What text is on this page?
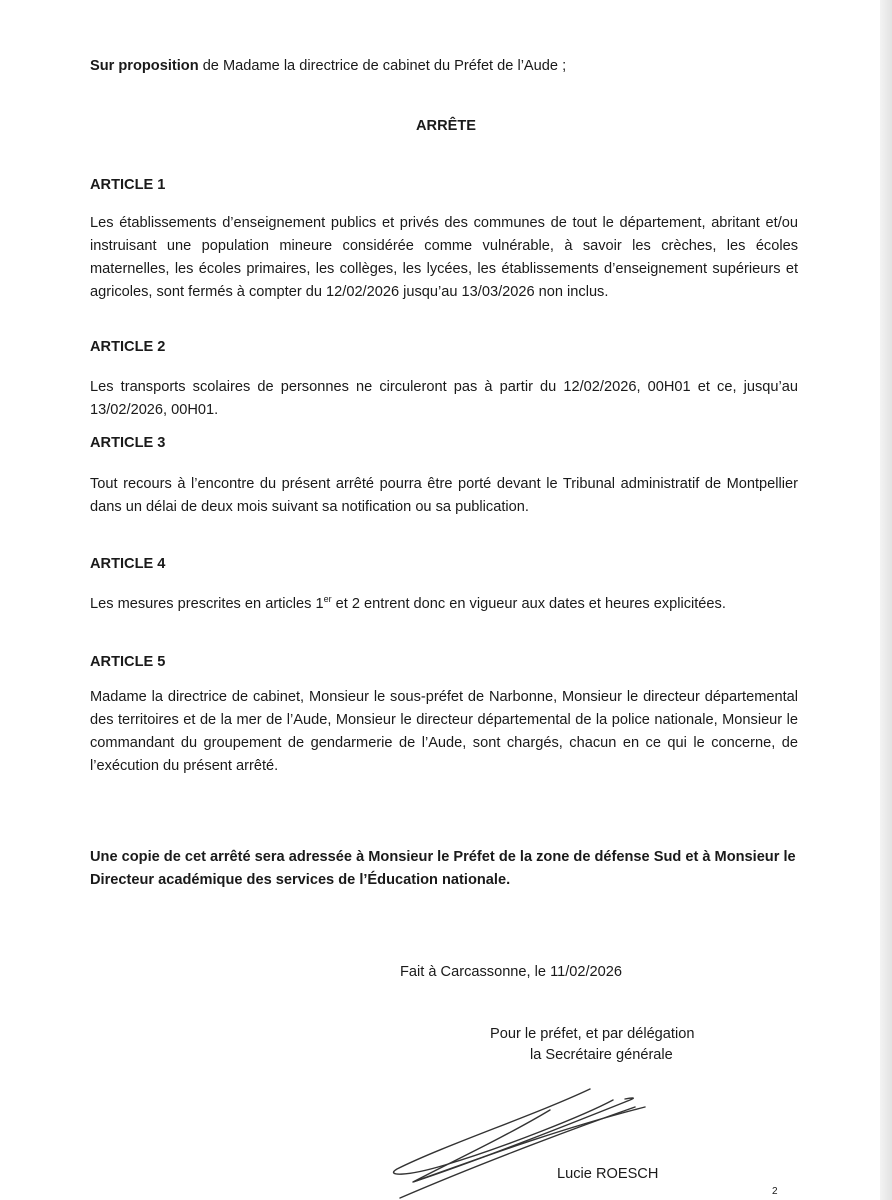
Sur proposition de Madame la directrice de cabinet du Préfet de l’Aude ;
ARRÊTE
ARTICLE 1
Les établissements d’enseignement publics et privés des communes de tout le département, abritant et/ou instruisant une population mineure considérée comme vulnérable, à savoir les crèches, les écoles maternelles, les écoles primaires, les collèges, les lycées, les établissements d’enseignement supérieurs et agricoles, sont fermés à compter du 12/02/2026 jusqu’au 13/03/2026 non inclus.
ARTICLE 2
Les transports scolaires de personnes ne circuleront pas à partir du 12/02/2026, 00H01 et ce, jusqu’au 13/02/2026, 00H01.
ARTICLE 3
Tout recours à l’encontre du présent arrêté pourra être porté devant le Tribunal administratif de Montpellier dans un délai de deux mois suivant sa notification ou sa publication.
ARTICLE 4
Les mesures prescrites en articles 1er et 2 entrent donc en vigueur aux dates et heures explicitées.
ARTICLE 5
Madame la directrice de cabinet, Monsieur le sous-préfet de Narbonne, Monsieur le directeur départemental des territoires et de la mer de l’Aude, Monsieur le directeur départemental de la police nationale, Monsieur le commandant du groupement de gendarmerie de l’Aude, sont chargés, chacun en ce qui le concerne, de l’exécution du présent arrêté.
Une copie de cet arrêté sera adressée à Monsieur le Préfet de la zone de défense Sud et à Monsieur le Directeur académique des services de l’Éducation nationale.
Fait à Carcassonne, le 11/02/2026
Pour le préfet, et par délégation
la Secrétaire générale
Lucie ROESCH
2
